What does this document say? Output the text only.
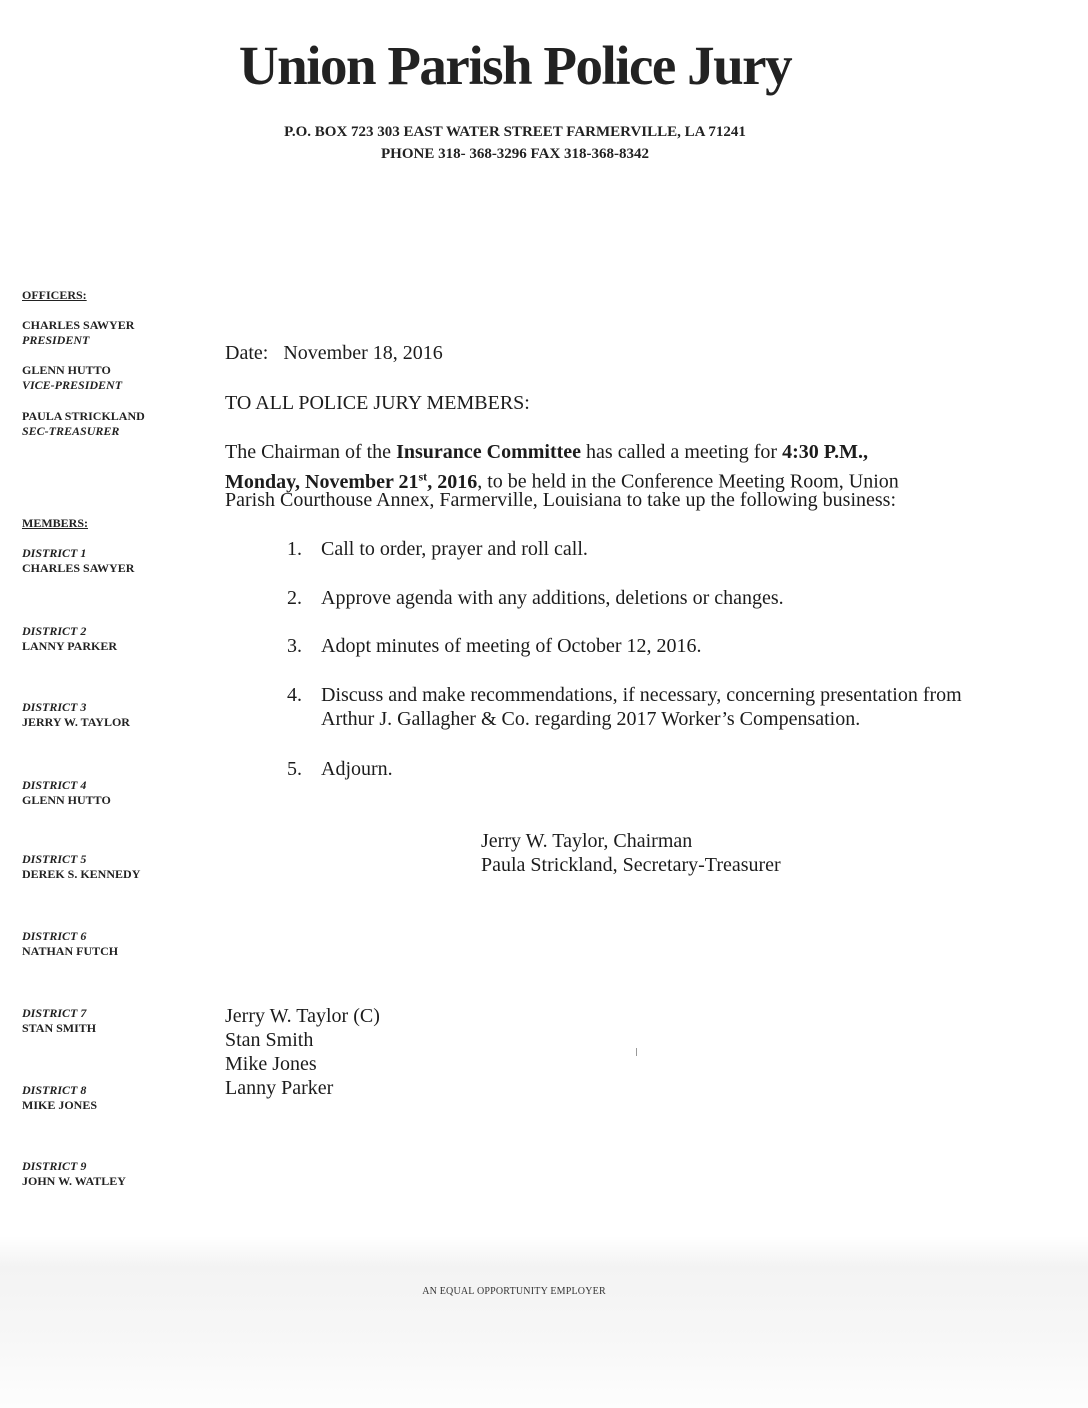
Union Parish Police Jury
P.O. BOX 723 303 EAST WATER STREET FARMERVILLE, LA 71241
PHONE 318- 368-3296 FAX 318-368-8342
OFFICERS:
CHARLES SAWYER
PRESIDENT
GLENN HUTTO
VICE-PRESIDENT
PAULA STRICKLAND
SEC-TREASURER
MEMBERS:
DISTRICT 1
CHARLES SAWYER
DISTRICT 2
LANNY PARKER
DISTRICT 3
JERRY W. TAYLOR
DISTRICT 4
GLENN HUTTO
DISTRICT 5
DEREK S. KENNEDY
DISTRICT 6
NATHAN FUTCH
DISTRICT 7
STAN SMITH
DISTRICT 8
MIKE JONES
DISTRICT 9
JOHN W. WATLEY
Date: November 18, 2016
TO ALL POLICE JURY MEMBERS:
The Chairman of the Insurance Committee has called a meeting for 4:30 P.M.,
Monday, November 21st, 2016, to be held in the Conference Meeting Room, Union
Parish Courthouse Annex, Farmerville, Louisiana to take up the following business:
1. Call to order, prayer and roll call.
2. Approve agenda with any additions, deletions or changes.
3. Adopt minutes of meeting of October 12, 2016.
4. Discuss and make recommendations, if necessary, concerning presentation from Arthur J. Gallagher & Co. regarding 2017 Worker’s Compensation.
5. Adjourn.
Jerry W. Taylor, Chairman
Paula Strickland, Secretary-Treasurer
Jerry W. Taylor (C)
Stan Smith
Mike Jones
Lanny Parker
AN EQUAL OPPORTUNITY EMPLOYER
